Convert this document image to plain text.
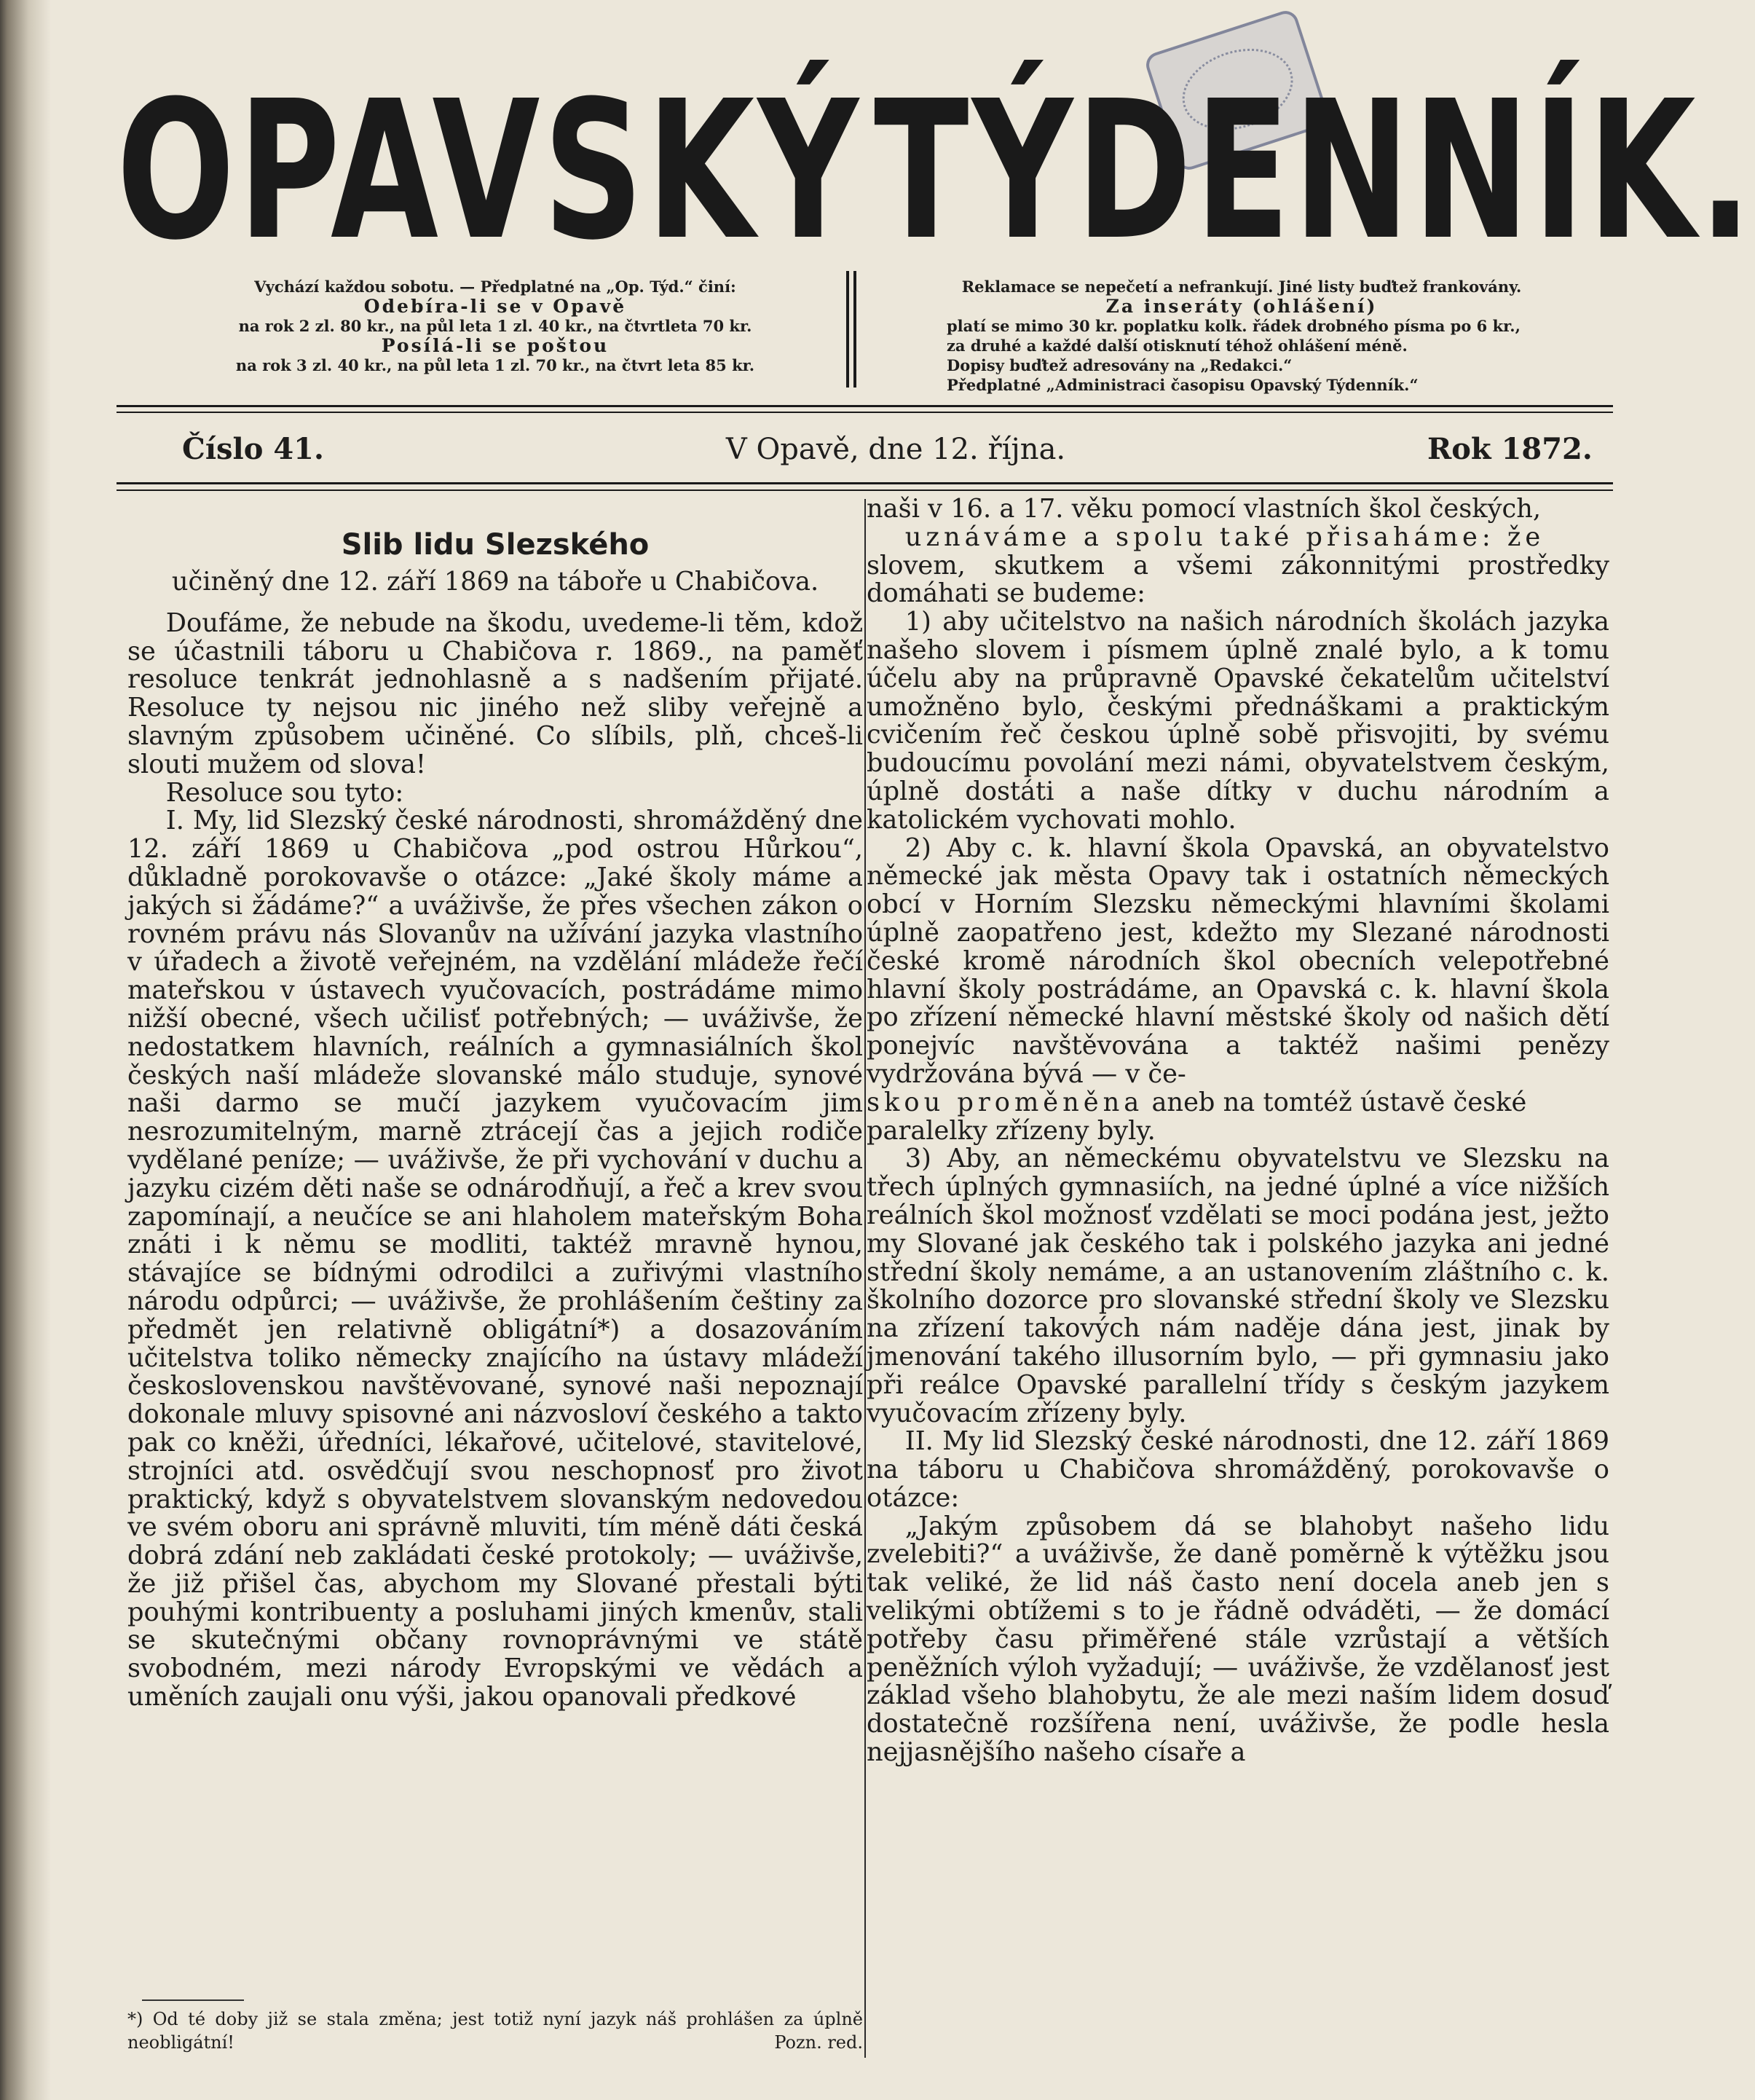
OPAVSKÝ TÝDENNÍK.
Vychází každou sobotu. — Předplatné na „Op. Týd.“ činí:
Odebíra-li se v Opavě
na rok 2 zl. 80 kr., na půl leta 1 zl. 40 kr., na čtvrtleta 70 kr.
Posílá-li se poštou
na rok 3 zl. 40 kr., na půl leta 1 zl. 70 kr., na čtvrt leta 85 kr.
Reklamace se nepečetí a nefrankují. Jiné listy buďtež frankovány.
Za inseráty (ohlášení)
platí se mimo 30 kr. poplatku kolk. řádek drobného písma po 6 kr., za druhé a každé další otisknutí téhož ohlášení méně.
Dopisy buďtež adresovány na „Redakci.“
Předplatné „Administraci časopisu Opavský Týdenník.“
Číslo 41.	V Opavě, dne 12. října.	Rok 1872.
Slib lidu Slezského
učiněný dne 12. září 1869 na táboře u Chabičova.

Doufáme, že nebude na škodu, uvedeme-li těm, kdož se účastnili táboru u Chabičova r. 1869., na paměť resoluce tenkrát jednohlasně a s nadšením přijaté. Resoluce ty nejsou nic jiného než sliby veřejně a slavným způsobem učiněné. Co slíbils, plň, chceš-li slouti mužem od slova!

Resoluce sou tyto:

I. My, lid Slezský české národnosti, shromážděný dne 12. září 1869 u Chabičova „pod ostrou Hůrkou“, důkladně porokovavše o otázce: „Jaké školy máme a jakých si žádáme?“ a uváživše, že přes všechen zákon o rovném právu nás Slovanův na užívání jazyka vlastního v úřadech a životě veřejném, na vzdělání mládeže řečí mateřskou v ústavech vyučovacích, postrádáme mimo nižší obecné, všech učilisť potřebných; — uváživše, že nedostatkem hlavních, reálních a gymnasiálních škol českých naší mládeže slovanské málo studuje, synové naši darmo se mučí jazykem vyučovacím jim nesrozumitelným, marně ztrácejí čas a jejich rodiče vydělané peníze; — uváživše, že při vychování v duchu a jazyku cizém děti naše se odnárodňují, a řeč a krev svou zapomínají, a neučíce se ani hlaholem mateřským Boha znáti i k němu se modliti, taktéž mravně hynou, stávajíce se bídnými odrodilci a zuřivými vlastního národu odpůrci; — uváživše, že prohlášením češtiny za předmět jen relativně obligátní*) a dosazováním učitelstva toliko německy znajícího na ústavy mládeží československou navštěvované, synové naši nepoznají dokonale mluvy spisovné ani názvosloví českého a takto pak co kněži, úředníci, lékařové, učitelové, stavitelové, strojníci atd. osvědčují svou neschopnosť pro život praktický, když s obyvatelstvem slovanským nedovedou ve svém oboru ani správně mluviti, tím méně dáti česká dobrá zdání neb zakládati české protokoly; — uváživše, že již přišel čas, abychom my Slované přestali býti pouhými kontribuenty a posluhami jiných kmenův, stali se skutečnými občany rovnoprávnými ve státě svobodném, mezi národy Evropskými ve vědách a uměních zaujali onu výši, jakou opanovali předkové

naši v 16. a 17. věku pomocí vlastních škol českých,

uznáváme a spolu také přisaháme: že

slovem, skutkem a všemi zákonnitými prostředky domáhati se budeme:

1) aby učitelstvo na našich národních školách jazyka našeho slovem i písmem úplně znalé bylo, a k tomu účelu aby na průpravně Opavské čekatelům učitelství umožněno bylo, českými přednáškami a praktickým cvičením řeč českou úplně sobě přisvojiti, by svému budoucímu povolání mezi námi, obyvatelstvem českým, úplně dostáti a naše dítky v duchu národním a katolickém vychovati mohlo.

2) Aby c. k. hlavní škola Opavská, an obyvatelstvo německé jak města Opavy tak i ostatních německých obcí v Horním Slezsku německými hlavními školami úplně zaopatřeno jest, kdežto my Slezané národnosti české kromě národních škol obecních velepotřebné hlavní školy postrádáme, an Opavská c. k. hlavní škola po zřízení německé hlavní městské školy od našich dětí ponejvíc navštěvována a taktéž našimi penězy vydržována bývá — v če-

skou proměněna aneb na tomtéž ústavě české

paralelky zřízeny byly.

3) Aby, an německému obyvatelstvu ve Slezsku na třech úplných gymnasiích, na jedné úplné a více nižších reálních škol možnosť vzdělati se moci podána jest, ježto my Slované jak českého tak i polského jazyka ani jedné střední školy nemáme, a an ustanovením zláštního c. k. školního dozorce pro slovanské střední školy ve Slezsku na zřízení takových nám naděje dána jest, jinak by jmenování takého illusorním bylo, — při gymnasiu jako při reálce Opavské parallelní třídy s českým jazykem vyučovacím zřízeny byly.

II. My lid Slezský české národnosti, dne 12. září 1869 na táboru u Chabičova shromážděný, porokovavše o otázce:

„Jakým způsobem dá se blahobyt našeho lidu zvelebiti?“ a uváživše, že daně poměrně k výtěžku jsou tak veliké, že lid náš často není docela aneb jen s velikými obtížemi s to je řádně odváděti, — že domácí potřeby času přiměřené stále vzrůstají a větších peněžních výloh vyžadují; — uváživše, že vzdělanosť jest základ všeho blahobytu, že ale mezi naším lidem dosuď dostatečně rozšířena není, uváživše, že podle hesla nejjasnějšího našeho císaře a

*) Od té doby již se stala změna; jest totiž nyní jazyk náš prohlášen za úplně neobligátní!	Pozn. red.
